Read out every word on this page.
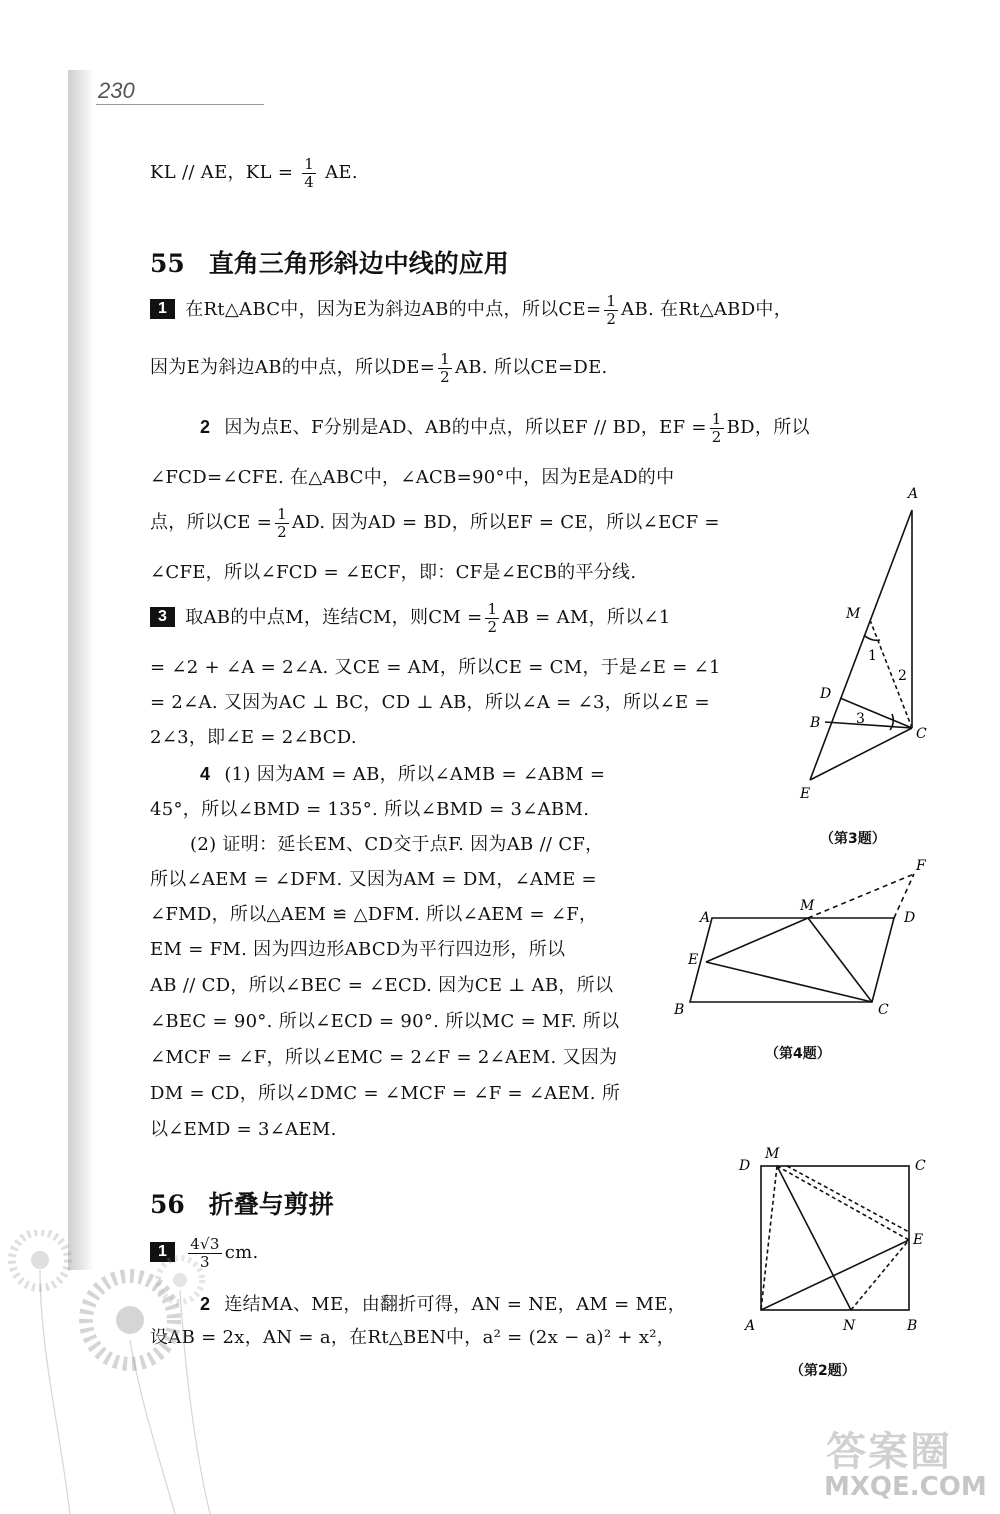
230
KL // AE，KL = $\frac{1}{4}$ AE.
55 直角三角形斜边中线的应用
1 在Rt△ABC中，因为E为斜边AB的中点，所以$CE= \frac{1}{2}$ AB. 在Rt△ABD中，
因为E为斜边AB的中点，所以$DE= \frac{1}{2}$ AB. 所以CE=DE.
2 因为点E、F分别是AD、AB的中点，所以EF // BD，EF = $\frac{1}{2}$ BD，所以
∠FCD=∠CFE. 在△ABC中，∠ACB=90°中，因为E是AD的中
点，所以CE = $\frac{1}{2}$ AD. 因为AD = BD，所以EF = CE，所以∠ECF =
∠CFE，所以∠FCD = ∠ECF，即：CF是∠ECB的平分线.
3 取AB的中点M，连结CM，则CM = $\frac{1}{2}$ AB = AM，所以∠1
= ∠2 + ∠A = 2∠A. 又CE = AM，所以CE = CM，于是∠E = ∠1
= 2∠A. 又因为AC ⊥ BC，CD ⊥ AB，所以∠A = ∠3，所以∠E =
2∠3，即∠E = 2∠BCD.
4 (1) 因为AM = AB，所以∠AMB = ∠ABM =
45°，所以∠BMD = 135°. 所以∠BMD = 3∠ABM.
(2) 证明：延长EM、CD交于点F. 因为AB // CF，
所以∠AEM = ∠DFM. 又因为AM = DM，∠AME =
∠FMD，所以△AEM ≌ △DFM. 所以∠AEM = ∠F，
EM = FM. 因为四边形ABCD为平行四边形，所以
AB // CD，所以∠BEC = ∠ECD. 因为CE ⊥ AB，所以
∠BEC = 90°. 所以∠ECD = 90°. 所以MC = MF. 所以
∠MCF = ∠F，所以∠EMC = 2∠F = 2∠AEM. 又因为
DM = CD，所以∠DMC = ∠MCF = ∠F = ∠AEM. 所
以∠EMD = 3∠AEM.
56 折叠与剪拼
$1 \frac{4√3}{3}$ cm.
2 连结MA、ME，由翻折可得，AN = NE，AM = ME，
设AB = 2x，AN = a，在Rt△BEN中，a² = (2x − a)² + x²，
A
M
1
2
D
3
B
C
E
（第3题）
A
M
D
F
E
B	C
（第4题）
D
M
C
E
A	N	B
（第2题）
答案圈
MXQE.COM
